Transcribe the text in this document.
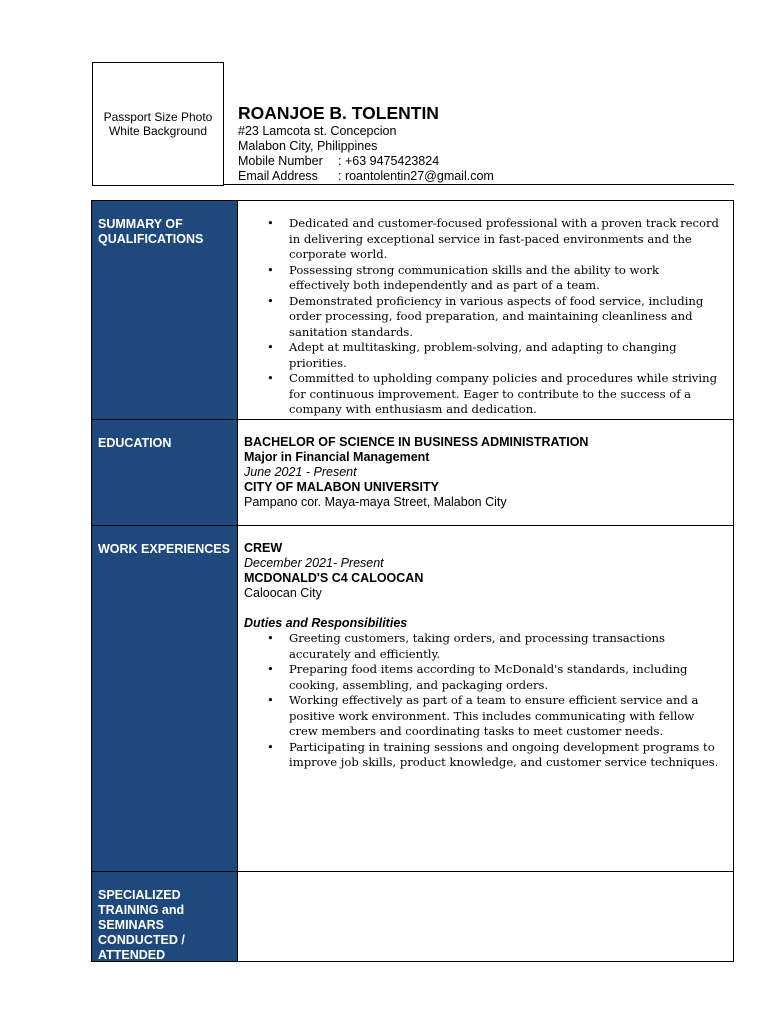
Passport Size Photo
White Background
ROANJOE B. TOLENTIN
#23 Lamcota st. Concepcion
Malabon City, Philippines
Mobile Number	: +63 9475423824
Email Address	: roantolentin27@gmail.com
SUMMARY OF QUALIFICATIONS
• Dedicated and customer-focused professional with a proven track record in delivering exceptional service in fast-paced environments and the corporate world.
• Possessing strong communication skills and the ability to work effectively both independently and as part of a team.
• Demonstrated proficiency in various aspects of food service, including order processing, food preparation, and maintaining cleanliness and sanitation standards.
• Adept at multitasking, problem-solving, and adapting to changing priorities.
• Committed to upholding company policies and procedures while striving for continuous improvement. Eager to contribute to the success of a company with enthusiasm and dedication.
EDUCATION	BACHELOR OF SCIENCE IN BUSINESS ADMINISTRATION
Major in Financial Management
June 2021 - Present
CITY OF MALABON UNIVERSITY
Pampano cor. Maya-maya Street, Malabon City
WORK EXPERIENCES	CREW
December 2021- Present
MCDONALD'S C4 CALOOCAN
Caloocan City
Duties and Responsibilities
• Greeting customers, taking orders, and processing transactions accurately and efficiently.
• Preparing food items according to McDonald's standards, including cooking, assembling, and packaging orders.
• Working effectively as part of a team to ensure efficient service and a positive work environment. This includes communicating with fellow crew members and coordinating tasks to meet customer needs.
• Participating in training sessions and ongoing development programs to improve job skills, product knowledge, and customer service techniques.
SPECIALIZED TRAINING and SEMINARS CONDUCTED / ATTENDED
